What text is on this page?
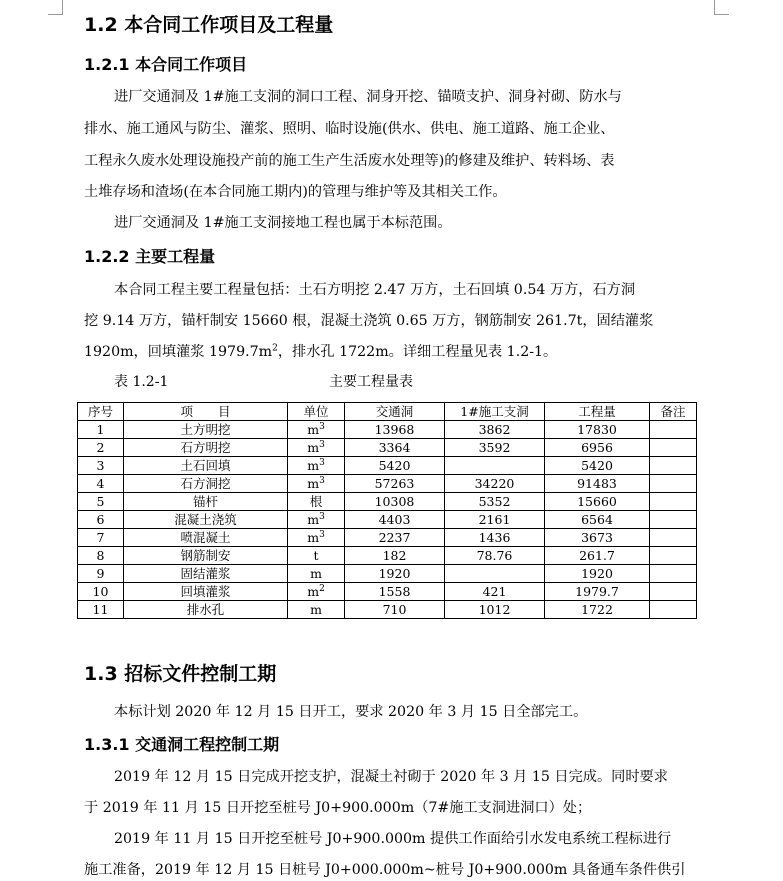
1.2 本合同工作项目及工程量
1.2.1 本合同工作项目
进厂交通洞及 1#施工支洞的洞口工程、洞身开挖、锚喷支护、洞身衬砌、防水与
排水、施工通风与防尘、灌浆、照明、临时设施(供水、供电、施工道路、施工企业、
工程永久废水处理设施投产前的施工生产生活废水处理等)的修建及维护、转料场、表
土堆存场和渣场(在本合同施工期内)的管理与维护等及其相关工作。
进厂交通洞及 1#施工支洞接地工程也属于本标范围。
1.2.2 主要工程量
本合同工程主要工程量包括：土石方明挖 2.47 万方，土石回填 0.54 万方，石方洞
挖 9.14 万方，锚杆制安 15660 根，混凝土浇筑 0.65 万方，钢筋制安 261.7t，固结灌浆
1920m，回填灌浆 $1979.7m^2$，排水孔 1722m。详细工程量见表 1.2-1。
表 1.2-1	主要工程量表
序号	项　　目	单位	交通洞	1#施工支洞	工程量	备注
1	土方明挖	$m^3$	13968	3862	17830	
2	石方明挖	$m^3$	3364	3592	6956	
3	土石回填	$m^3$	5420		5420	
4	石方洞挖	$m^3$	57263	34220	91483	
5	锚杆	根	10308	5352	15660	
6	混凝土浇筑	$m^3$	4403	2161	6564	
7	喷混凝土	$m^3$	2237	1436	3673	
8	钢筋制安	t	182	78.76	261.7	
9	固结灌浆	m	1920		1920	
10	回填灌浆	$m^2$	1558	421	1979.7	
11	排水孔	m	710	1012	1722	
1.3 招标文件控制工期
本标计划 2020 年 12 月 15 日开工，要求 2020 年 3 月 15 日全部完工。
1.3.1 交通洞工程控制工期
2019 年 12 月 15 日完成开挖支护，混凝土衬砌于 2020 年 3 月 15 日完成。同时要求
于 2019 年 11 月 15 日开挖至桩号 J0+900.000m（7#施工支洞进洞口）处；
2019 年 11 月 15 日开挖至桩号 J0+900.000m 提供工作面给引水发电系统工程标进行
施工准备，2019 年 12 月 15 日桩号 J0+000.000m~桩号 J0+900.000m 具备通车条件供引
